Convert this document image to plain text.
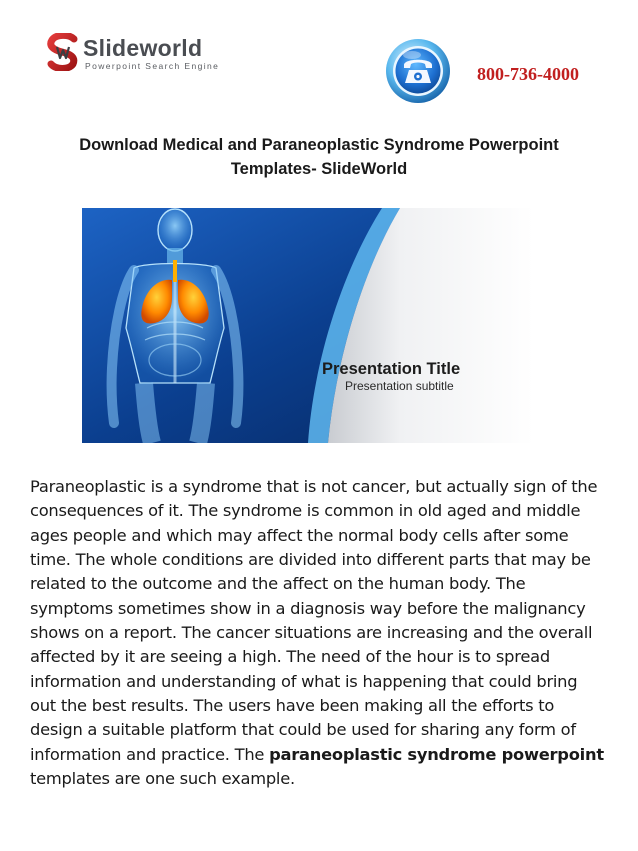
Slideworld
Powerpoint Search Engine	800-736-4000
Download Medical and Paraneoplastic Syndrome Powerpoint Templates- SlideWorld
Presentation Title
Presentation subtitle

Paraneoplastic is a syndrome that is not cancer, but actually sign of the consequences of it. The syndrome is common in old aged and middle ages people and which may affect the normal body cells after some time. The whole conditions are divided into different parts that may be related to the outcome and the affect on the human body. The symptoms sometimes show in a diagnosis way before the malignancy shows on a report. The cancer situations are increasing and the overall affected by it are seeing a high. The need of the hour is to spread information and understanding of what is happening that could bring out the best results. The users have been making all the efforts to design a suitable platform that could be used for sharing any form of information and practice. The paraneoplastic syndrome powerpoint templates are one such example.
